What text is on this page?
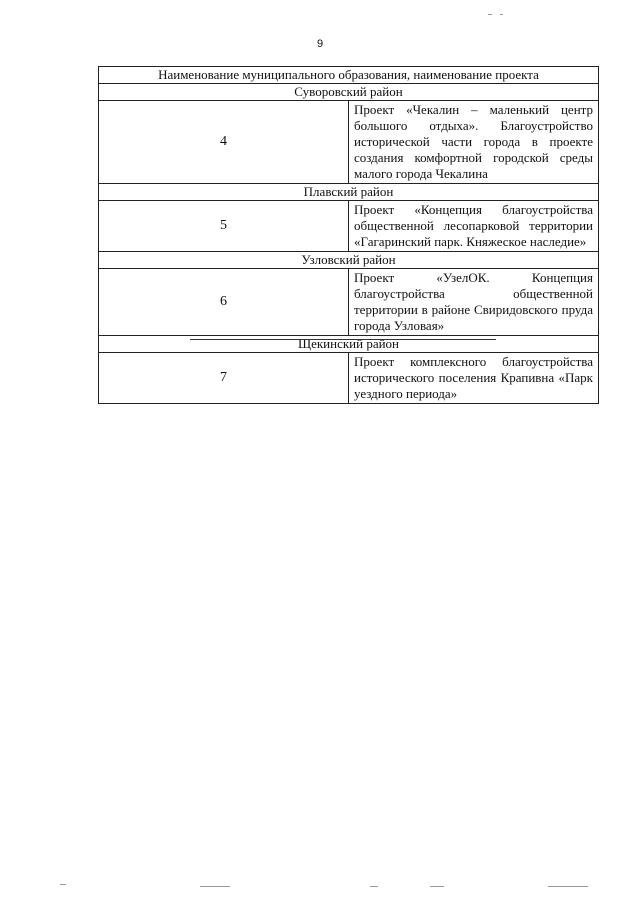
9
Наименование муниципального образования, наименование проекта	
Суворовский район	
4	Проект «Чекалин – маленький центр большого отдыха». Благоустройство исторической части города в проекте создания комфортной городской среды малого города Чекалина
Плавский район	
5	Проект «Концепция благоустройства общественной лесопарковой территории «Гагаринский парк. Княжеское наследие»
Узловский район	
6	Проект «УзелОК. Концепция благоустройства общественной территории в районе Свиридовского пруда города Узловая»
Щекинский район	
7	Проект комплексного благоустройства исторического поселения Крапивна «Парк уездного периода»
